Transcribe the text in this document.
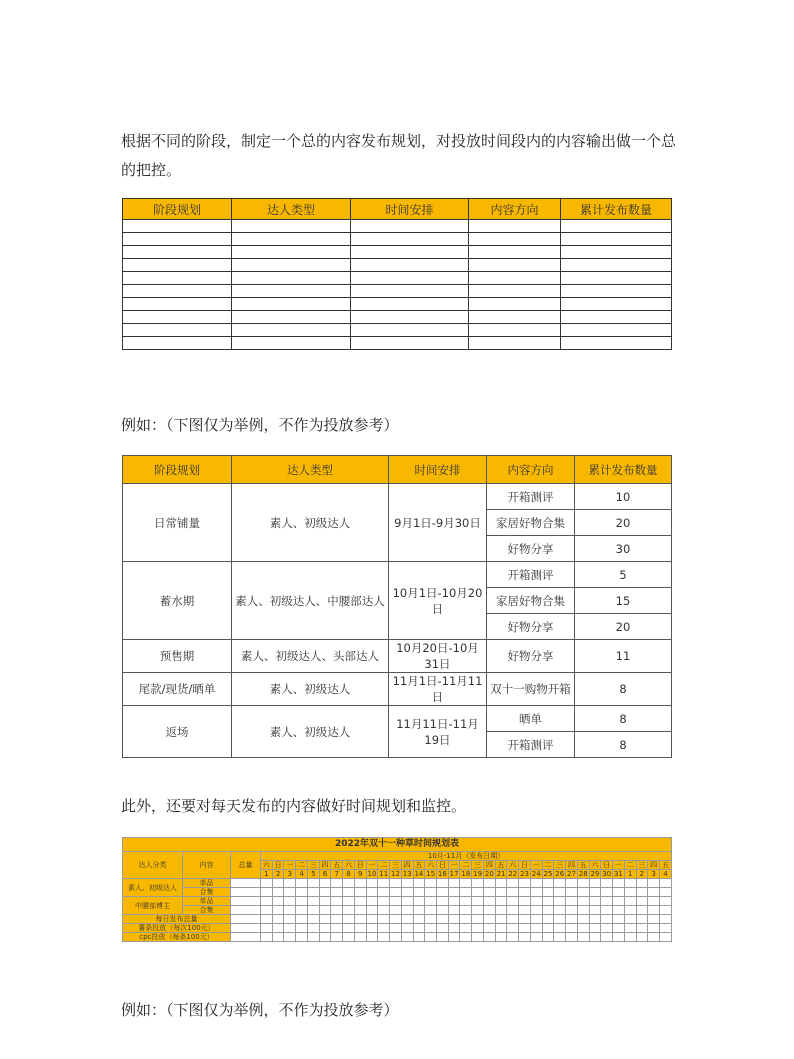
根据不同的阶段，制定一个总的内容发布规划，对投放时间段内的内容输出做一个总的把控。

阶段规划	达人类型	时间安排	内容方向	累计发布数量

例如：（下图仅为举例，不作为投放参考）

阶段规划	达人类型	时间安排	内容方向	累计发布数量
日常铺量	素人、初级达人	9月1日-9月30日	开箱测评	10
			家居好物合集	20
			好物分享	30
蓄水期	素人、初级达人、中腰部达人	10月1日-10月20日	开箱测评	5
			家居好物合集	15
			好物分享	20
预售期	素人、初级达人、头部达人	10月20日-10月31日	好物分享	11
尾款/现货/晒单	素人、初级达人	11月1日-11月11日	双十一购物开箱	8
返场	素人、初级达人	11月11日-11月19日	晒单	8
			开箱测评	8

此外，还要对每天发布的内容做好时间规划和监控。

2022年双十一种草时间规划表																																					
达人分类	内容	总量	10月-11月（发布日期）																																		
			六	日	一	二	三	四	五	六	日	一	二	三	四	五	六	日	一	二	三	四	五	六	日	一	二	三	四	五	六	日	一	二	三	四	五
			1	2	3	4	5	6	7	8	9	10	11	12	13	14	15	16	17	18	19	20	21	22	23	24	25	26	27	28	29	30	31	1	2	3	4
素人、初级达人	单品																																				
	合集																																				
中腰部博主	单品																																				
	合集																																				
每日发布总量																																					
薯条投放（每次100元）																																					
cpc投放（每条100元）																																					

例如：（下图仅为举例，不作为投放参考）
